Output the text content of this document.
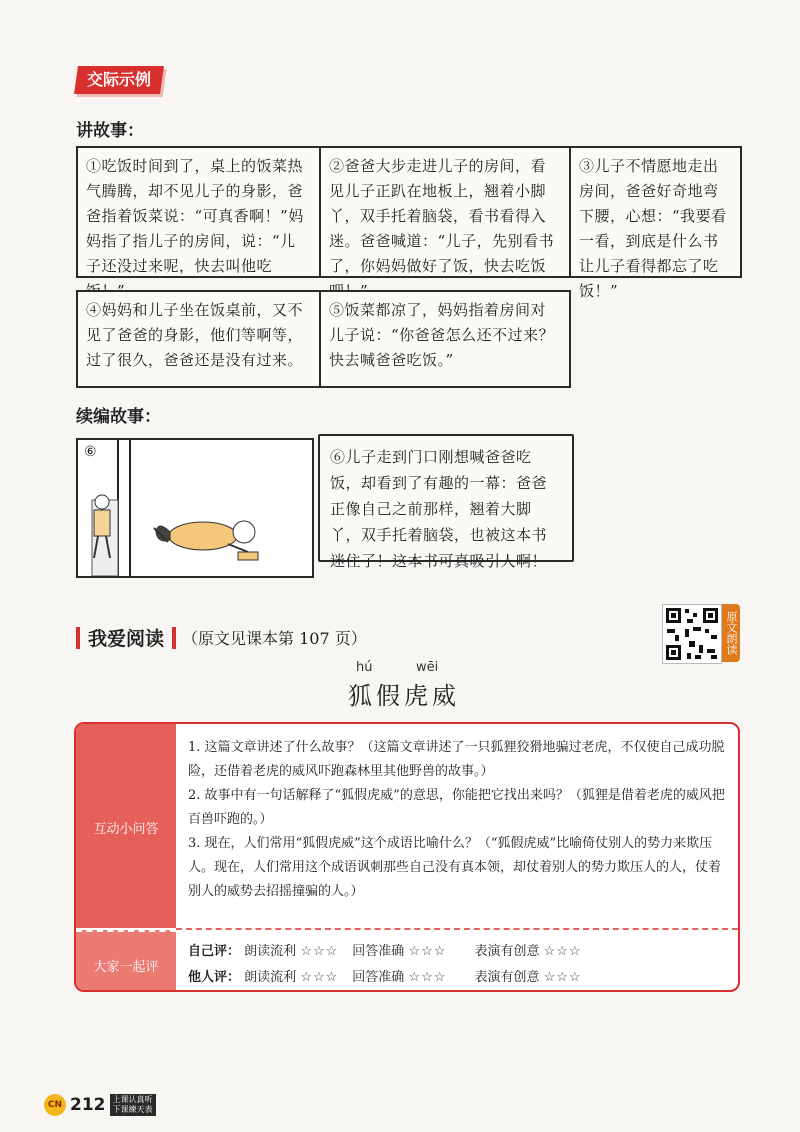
交际示例
讲故事：
①吃饭时间到了，桌上的饭菜热气腾腾，却不见儿子的身影，爸爸指着饭菜说：“可真香啊！”妈妈指了指儿子的房间，说：“儿子还没过来呢，快去叫他吃
②爸爸大步走进儿子的房间，看见儿子正趴在地板上，翘着小脚丫，双手托着脑袋，看书看得入迷。爸爸喊道：“儿子，先别看书了，你妈妈做好了饭，快去吃饭
③儿子不情愿地走出房间，爸爸好奇地弯下腰，心想：“我要看一看，到底是什么书让儿子看得都忘了吃饭！”
④妈妈和儿子坐在饭桌前，又不见了爸爸的身影，他们等啊等，过了很久，爸爸还是没有过来。
⑤饭菜都凉了，妈妈指着房间对儿子说：“你爸爸怎么还不过来？快去喊爸爸吃饭。”
续编故事：
⑥	⑥儿子走到门口刚想喊爸爸吃饭，却看到了有趣的一幕：爸爸正像自己之前那样，翘着大脚丫，双手托着脑袋，也被这本书迷住了！这本书可真吸引人啊！
我爱阅读 （原文见课本第 107 页）	原文朗读
hú	wēi
狐假虎威
互动小问答
大家一起评
1. 这篇文章讲述了什么故事？（这篇文章讲述了一只狐狸狡猾地骗过老虎，不仅使自己成功脱险，还借着老虎的威风吓跑森林里其他野兽的故事。）
2. 故事中有一句话解释了“狐假虎威”的意思，你能把它找出来吗？（狐狸是借着老虎的威风把百兽吓跑的。）
3. 现在，人们常用“狐假虎威”这个成语比喻什么？（“狐假虎威”比喻倚仗别人的势力来欺压人。现在，人们常用这个成语讽刺那些自己没有真本领，却仗着别人的势力欺压人的人，仗着别人的威势去招摇撞骗的人。）
自己评： 朗读流利 ☆☆☆ 回答准确 ☆☆☆ 表演有创意 ☆☆☆
他人评： 朗读流利 ☆☆☆ 回答准确 ☆☆☆ 表演有创意 ☆☆☆
CN 212 上课认真听
下课練天表
